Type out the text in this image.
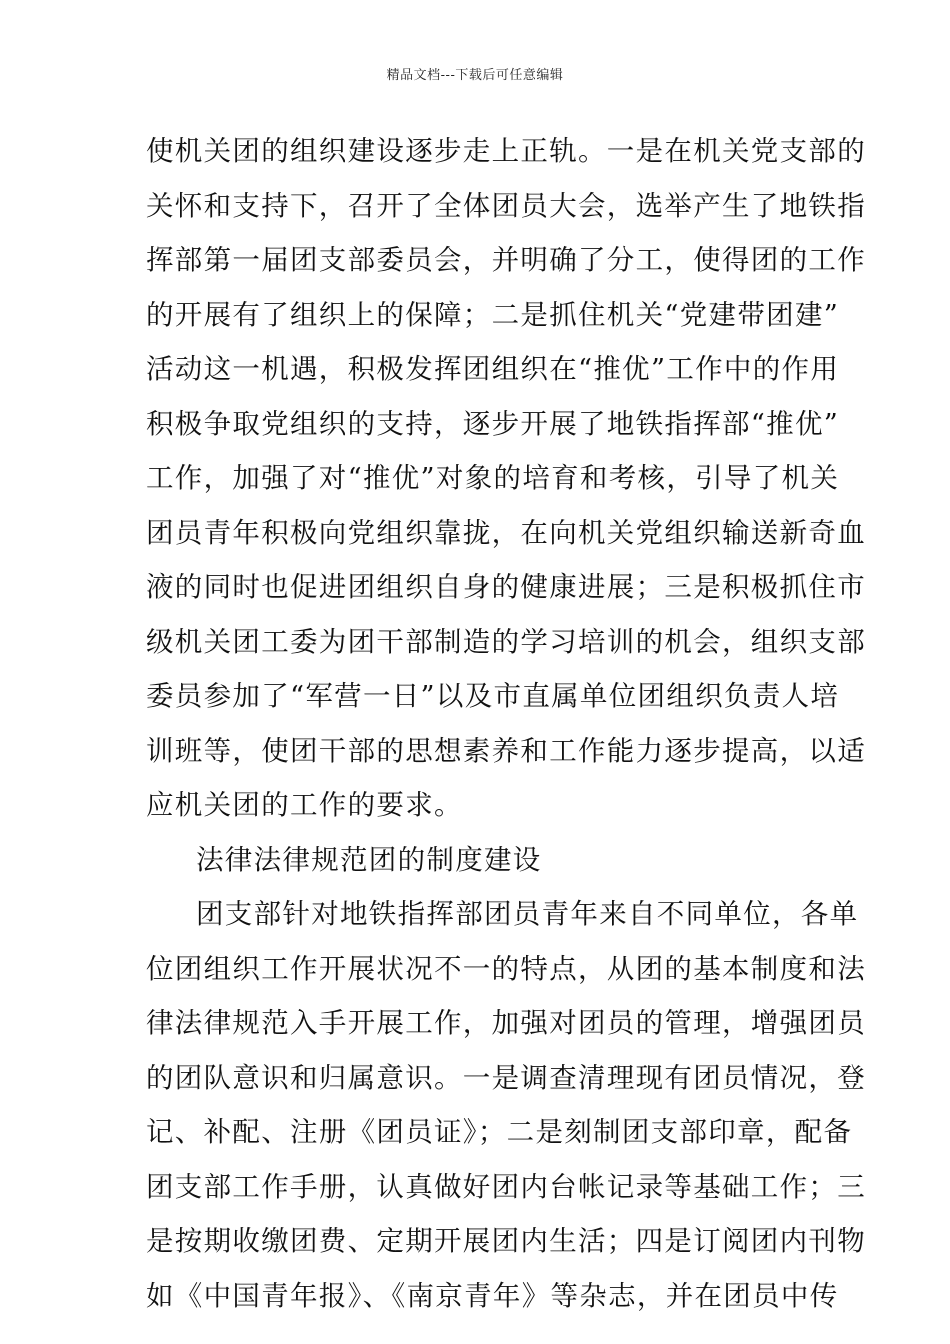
精品文档---下载后可任意编辑
使机关团的组织建设逐步走上正轨。一是在机关党支部的
关怀和支持下，召开了全体团员大会，选举产生了地铁指
挥部第一届团支部委员会，并明确了分工，使得团的工作
的开展有了组织上的保障；二是抓住机关“党建带团建”
活动这一机遇，积极发挥团组织在“推优”工作中的作用
积极争取党组织的支持，逐步开展了地铁指挥部“推优”
工作，加强了对“推优”对象的培育和考核，引导了机关
团员青年积极向党组织靠拢，在向机关党组织输送新奇血
液的同时也促进团组织自身的健康进展；三是积极抓住市
级机关团工委为团干部制造的学习培训的机会，组织支部
委员参加了“军营一日”以及市直属单位团组织负责人培
训班等，使团干部的思想素养和工作能力逐步提高，以适
应机关团的工作的要求。
法律法律规范团的制度建设
团支部针对地铁指挥部团员青年来自不同单位，各单
位团组织工作开展状况不一的特点，从团的基本制度和法
律法律规范入手开展工作，加强对团员的管理，增强团员
的团队意识和归属意识。一是调查清理现有团员情况，登
记、补配、注册《团员证》；二是刻制团支部印章，配备
团支部工作手册，认真做好团内台帐记录等基础工作；三
是按期收缴团费、定期开展团内生活；四是订阅团内刊物
如《中国青年报》、《南京青年》等杂志，并在团员中传
